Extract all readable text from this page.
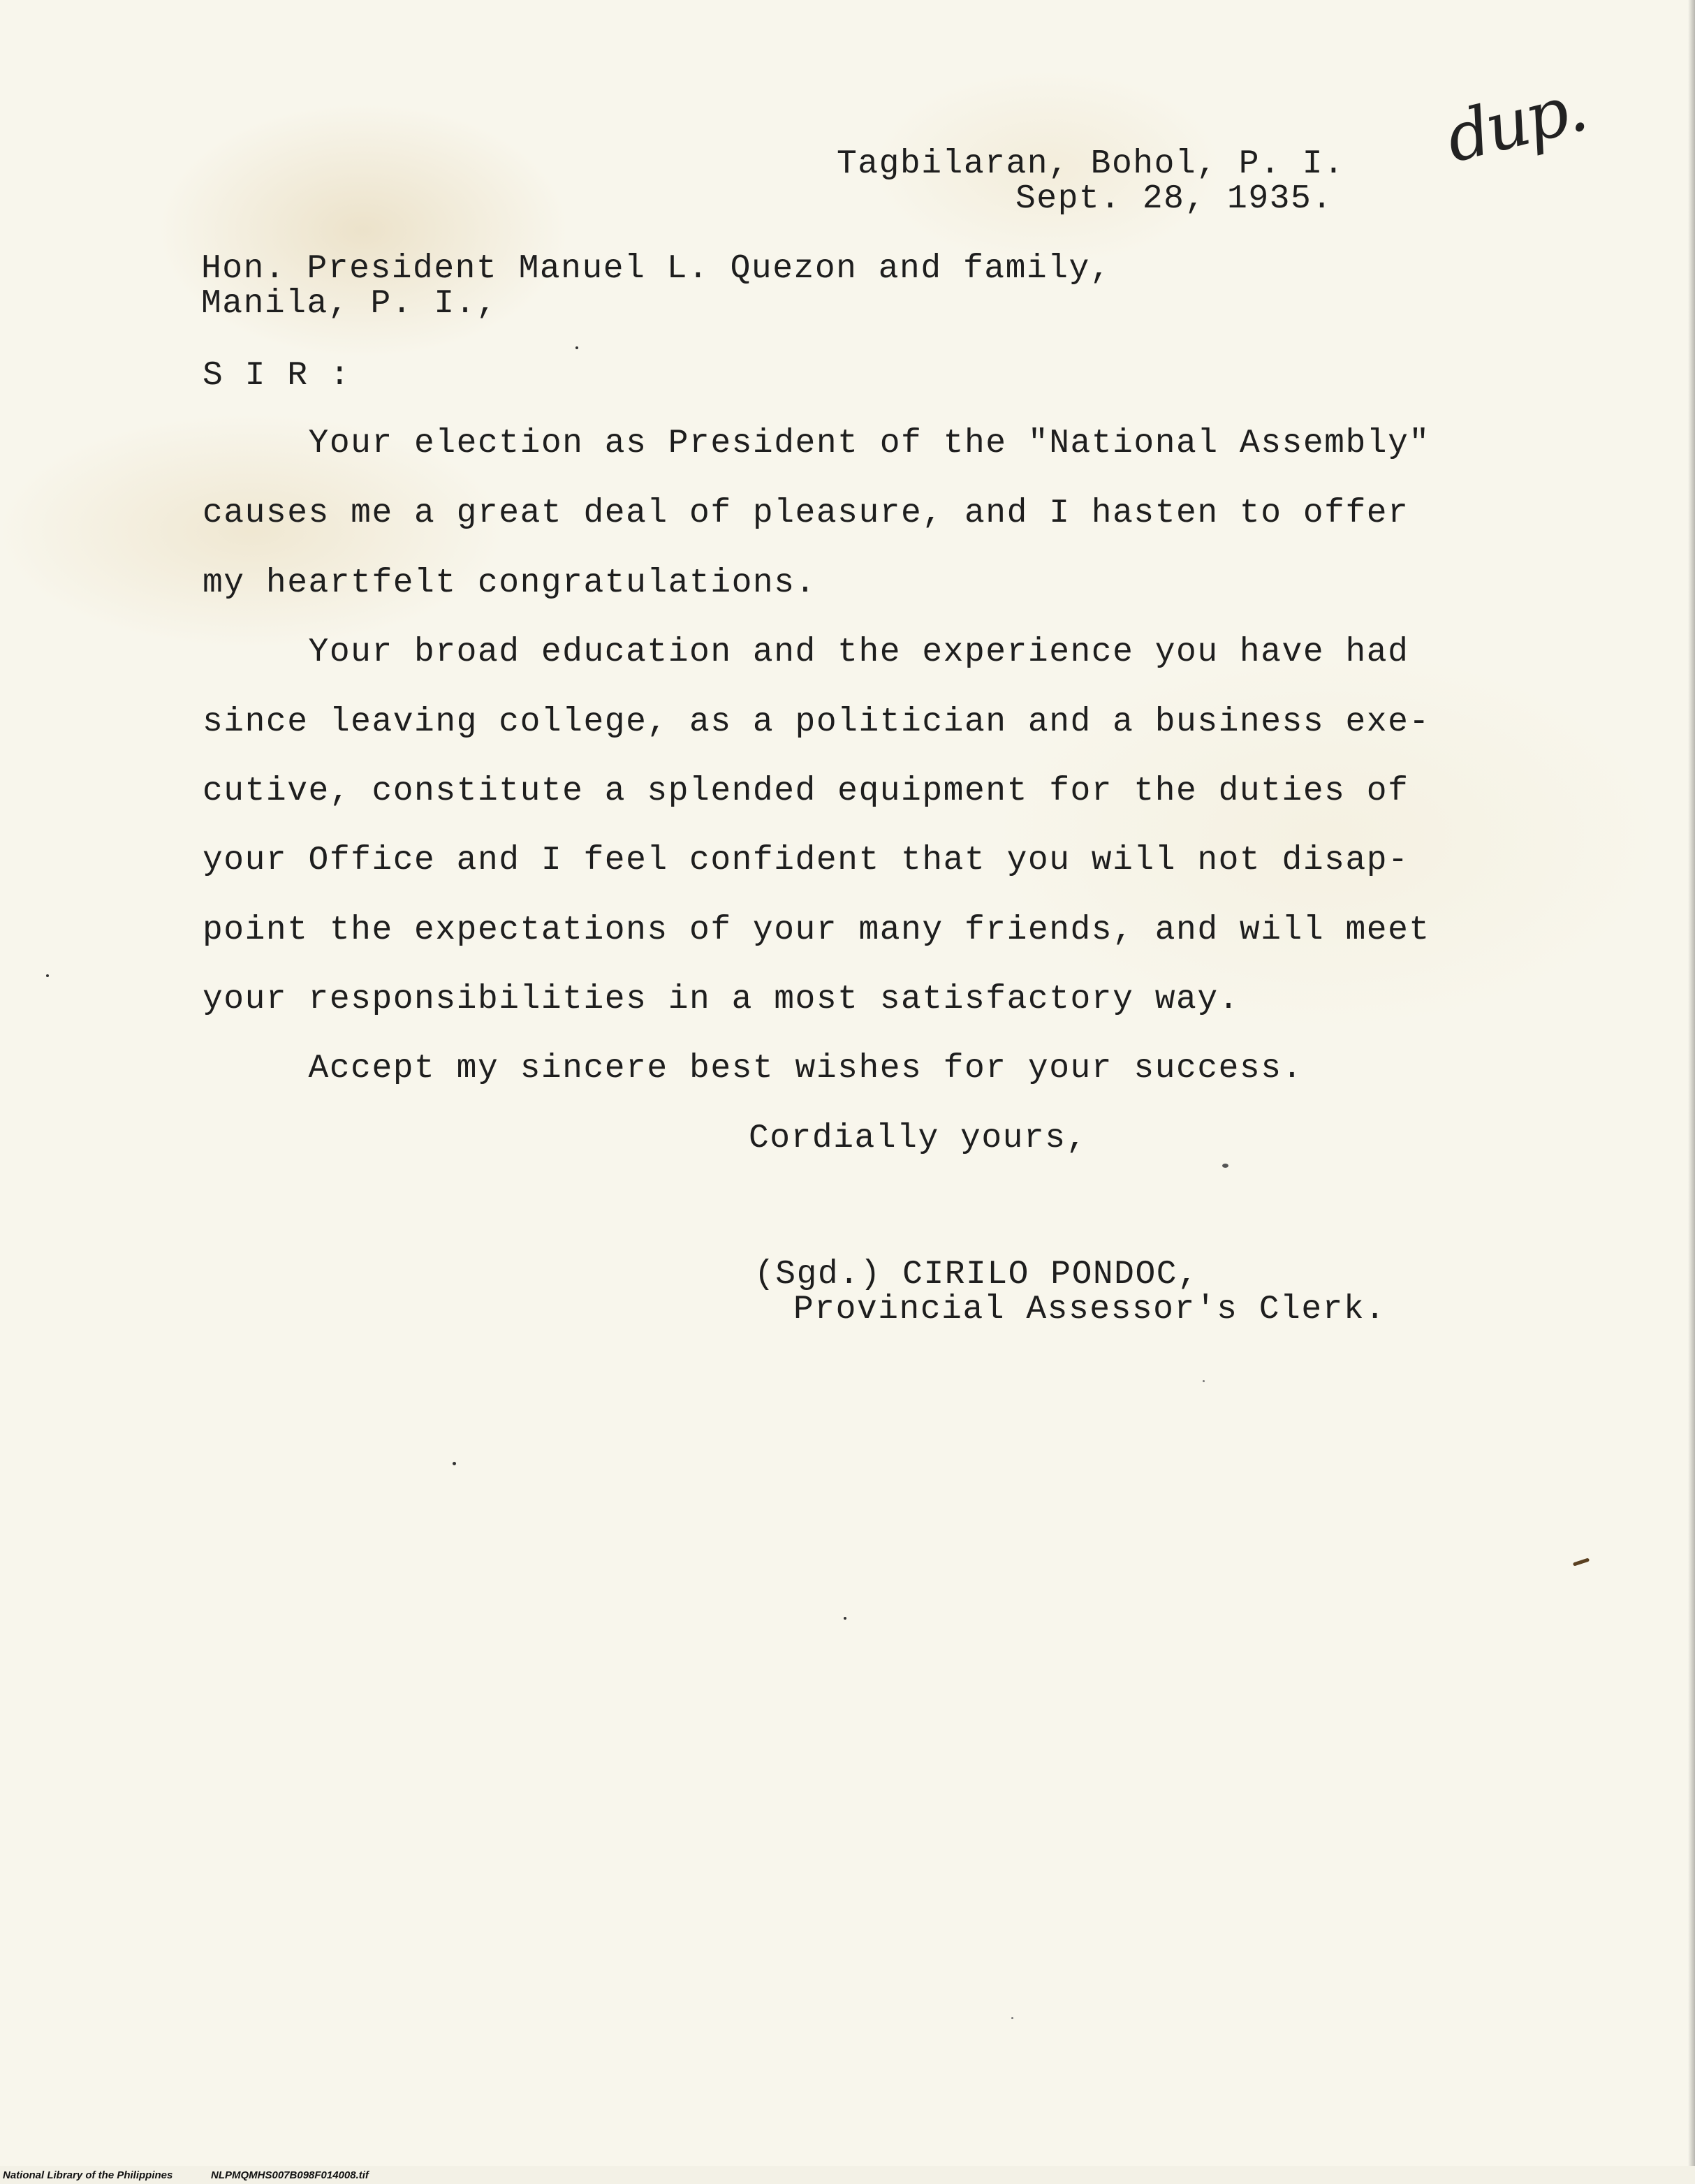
dup.
Tagbilaran, Bohol, P. I.
Sept. 28, 1935.
Hon. President Manuel L. Quezon and family,
Manila, P. I.,
S I R :
Your election as President of the "National Assembly"
causes me a great deal of pleasure, and I hasten to offer
my heartfelt congratulations.
Your broad education and the experience you have had
since leaving college, as a politician and a business exe-
cutive, constitute a splended equipment for the duties of
your Office and I feel confident that you will not disap-
point the expectations of your many friends, and will meet
your responsibilities in a most satisfactory way.
Accept my sincere best wishes for your success.
Cordially yours,
(Sgd.) CIRILO PONDOC,
Provincial Assessor's Clerk.
National Library of the Philippines	NLPMQMHS007B098F014008.tif
